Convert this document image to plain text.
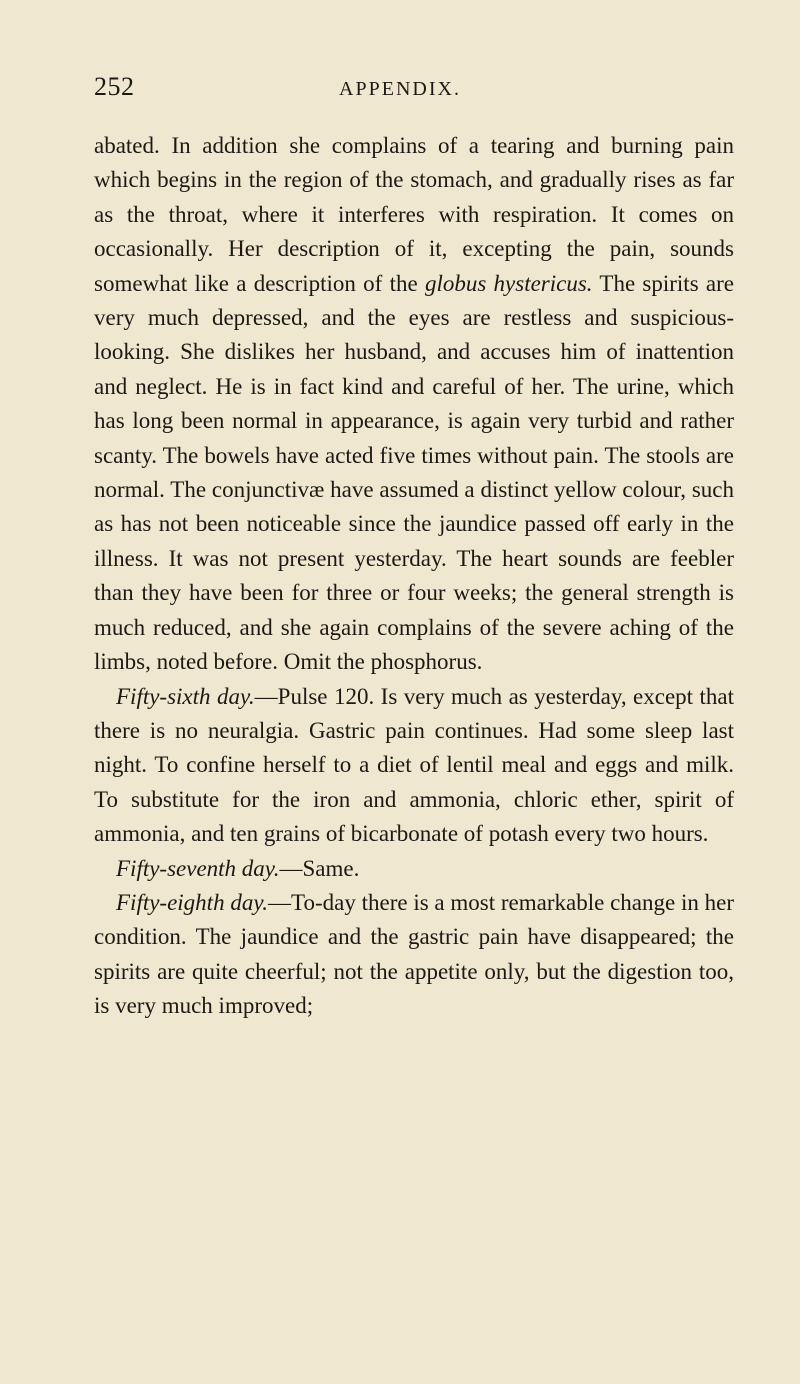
252	APPENDIX.

abated. In addition she complains of a tearing and burning pain which begins in the region of the stomach, and gradually rises as far as the throat, where it interferes with respiration. It comes on occasionally. Her description of it, excepting the pain, sounds somewhat like a description of the globus hystericus. The spirits are very much depressed, and the eyes are restless and suspicious-looking. She dislikes her husband, and accuses him of inattention and neglect. He is in fact kind and careful of her. The urine, which has long been normal in appearance, is again very turbid and rather scanty. The bowels have acted five times without pain. The stools are normal. The conjunctivæ have assumed a distinct yellow colour, such as has not been noticeable since the jaundice passed off early in the illness. It was not present yesterday. The heart sounds are feebler than they have been for three or four weeks; the general strength is much reduced, and she again complains of the severe aching of the limbs, noted before. Omit the phosphorus.

Fifty-sixth day.—Pulse 120. Is very much as yesterday, except that there is no neuralgia. Gastric pain continues. Had some sleep last night. To confine herself to a diet of lentil meal and eggs and milk. To substitute for the iron and ammonia, chloric ether, spirit of ammonia, and ten grains of bicarbonate of potash every two hours.

Fifty-seventh day.—Same.

Fifty-eighth day.—To-day there is a most remarkable change in her condition. The jaundice and the gastric pain have disappeared; the spirits are quite cheerful; not the appetite only, but the digestion too, is very much improved;
